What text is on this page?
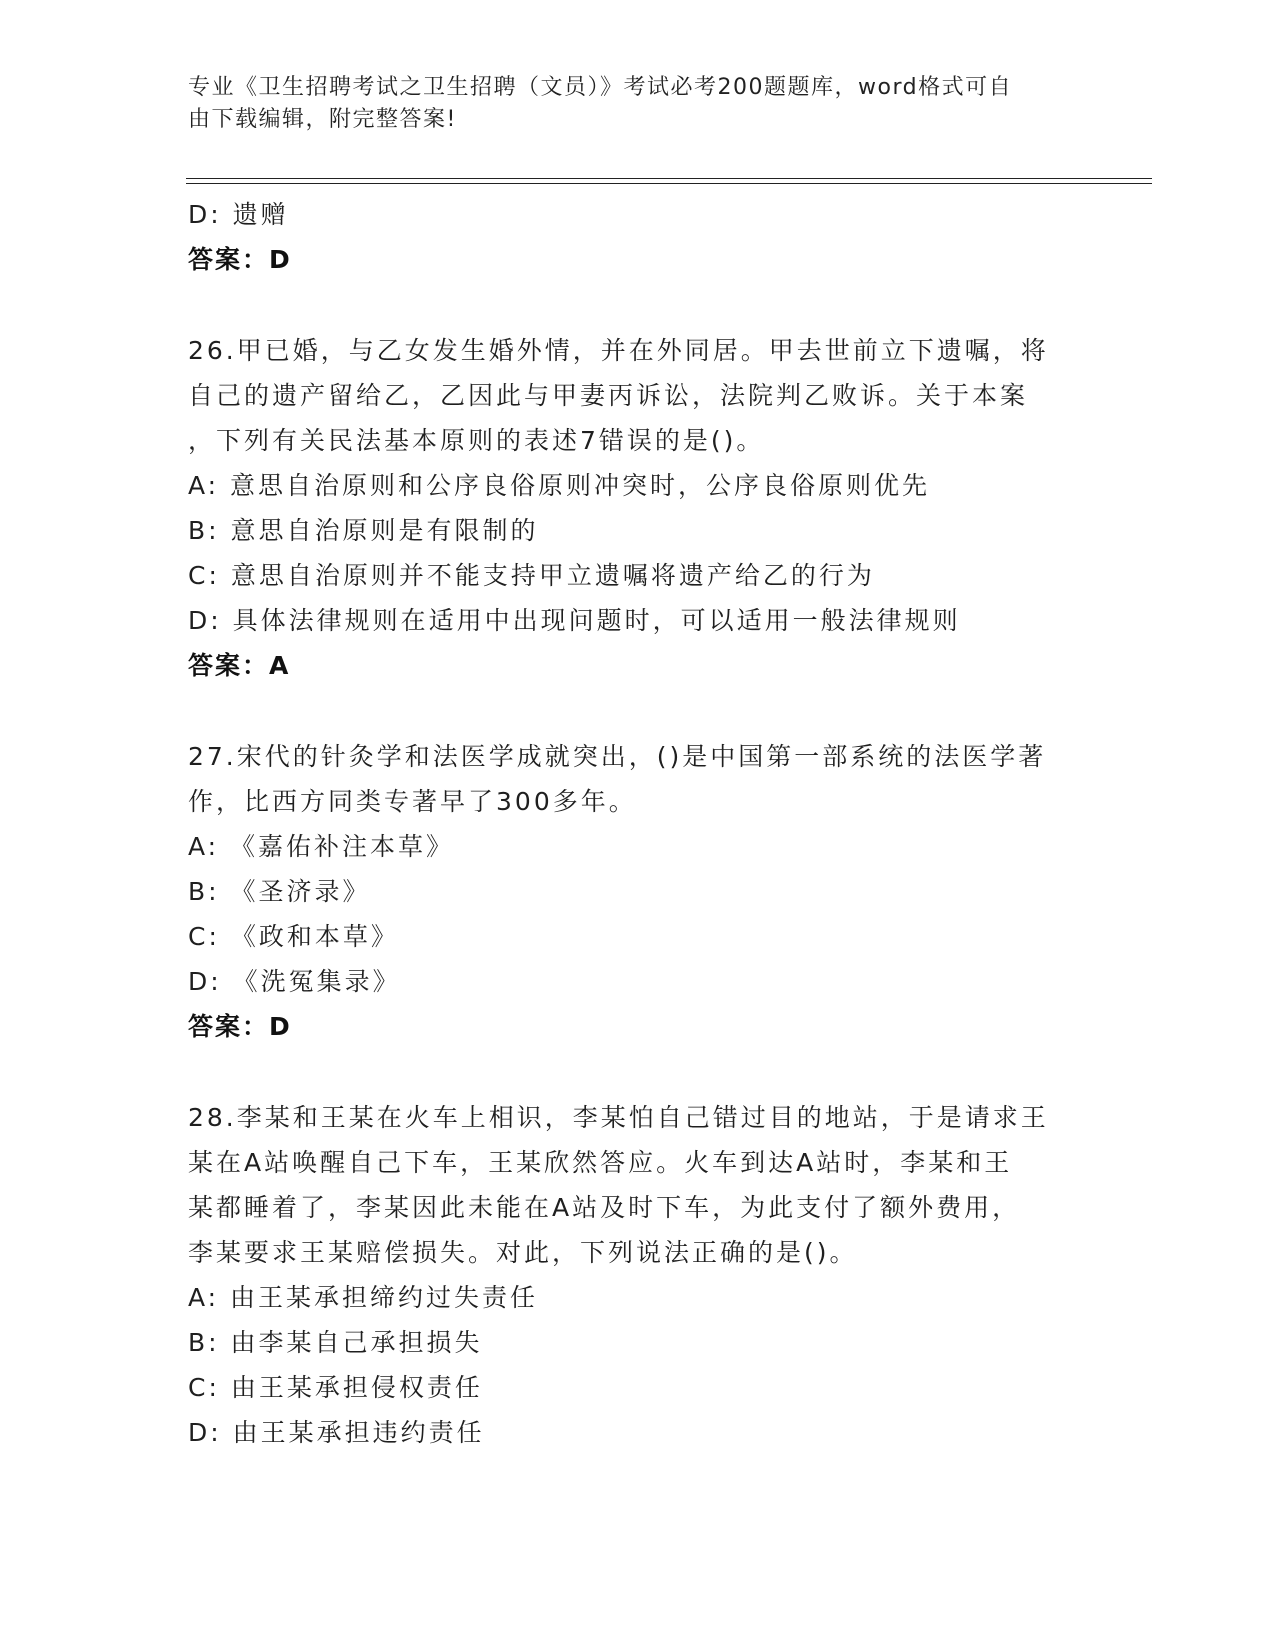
专业《卫生招聘考试之卫生招聘（文员）》考试必考200题题库，word格式可自
由下载编辑，附完整答案!
D: 遗赠
答案：D
26.甲已婚，与乙女发生婚外情，并在外同居。甲去世前立下遗嘱，将
自己的遗产留给乙，乙因此与甲妻丙诉讼，法院判乙败诉。关于本案
，下列有关民法基本原则的表述7错误的是()。
A: 意思自治原则和公序良俗原则冲突时，公序良俗原则优先
B: 意思自治原则是有限制的
C: 意思自治原则并不能支持甲立遗嘱将遗产给乙的行为
D: 具体法律规则在适用中出现问题时，可以适用一般法律规则
答案：A
27.宋代的针灸学和法医学成就突出，()是中国第一部系统的法医学著
作，比西方同类专著早了300多年。
A: 《嘉佑补注本草》
B: 《圣济录》
C: 《政和本草》
D: 《洗冤集录》
答案：D
28.李某和王某在火车上相识，李某怕自己错过目的地站，于是请求王
某在A站唤醒自己下车，王某欣然答应。火车到达A站时，李某和王
某都睡着了，李某因此未能在A站及时下车，为此支付了额外费用，
李某要求王某赔偿损失。对此，下列说法正确的是()。
A: 由王某承担缔约过失责任
B: 由李某自己承担损失
C: 由王某承担侵权责任
D: 由王某承担违约责任
